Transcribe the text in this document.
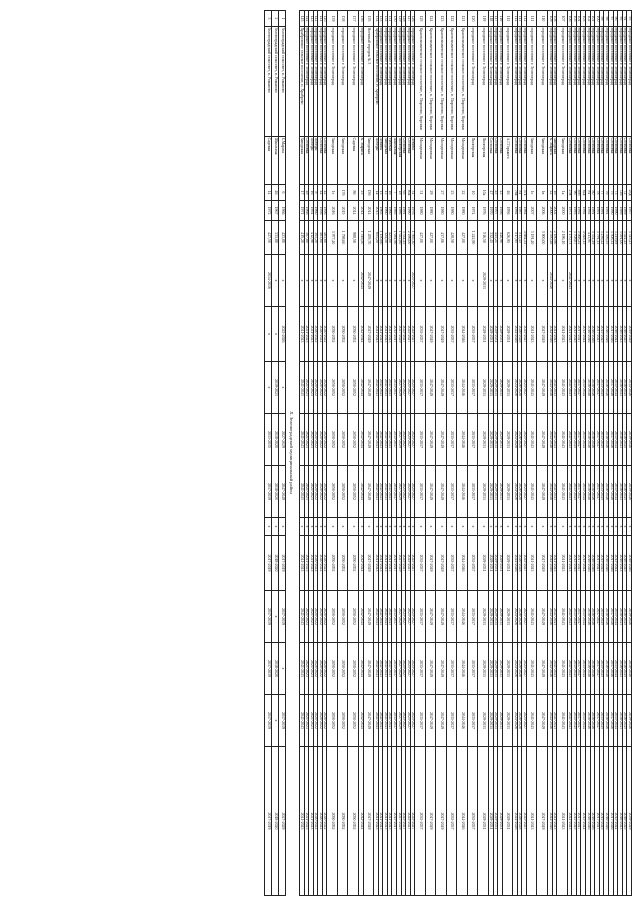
93	городское поселение г. Зеленоград	Сосновка	25д	1957	3 315,23	х	2019-2049	2034-2046	2039-2046	2039-2046	х	2018-2046	2039-2046	2018-2046	2039-2046	2039-2049
94	городское поселение г. Зеленоград	Сосновка	72	1989	3 024,45	х	2016-2045	2016-2045	2016-2045	2016-2045	х	2016-2045	2016-2045	2016-2045	2016-2045	2016-2045
95	городское поселение г. Зеленоград	Сосновка	72б	1989	3 091,00	х	2016-2043	2016-2043	2016-2043	2016-2043	х	2016-2043	2016-2043	2016-2043	2016-2043	2016-2043
96	городское поселение г. Зеленоград	Сосновка	73	1990	3 219,89	х	2016-2044	2015-2044	2015-2044	2015-2044	х	2015-2044	2015-2044	2015-2044	2015-2044	2015-2044
97	городское поселение г. Зеленоград	Сосновка	75	1990	3 308,32	х	2017-2046	2017-2046	2017-2046	2017-2046	х	2017-2046	2017-2046	2017-2046	2017-2046	2017-2046
98	городское поселение г. Зеленоград	Сосновка	76	1991	4 356,55	х	2016-2046	2016-2046	2016-2046	2016-2046	х	2016-2046	2016-2046	2016-2046	2016-2046	2016-2046
99	городское поселение г. Зеленоград	Сосновка	77	1991	3 236,42	х	2015-2045	2015-2045	2015-2045	2015-2045	х	2015-2045	2015-2045	2015-2045	2015-2045	2015-2045
100	городское поселение г. Зеленоград	Сосновка	78	1991	3 791,13	х	2017-2047	2017-2047	2017-2047	2017-2047	х	2017-2047	2017-2047	2017-2047	2017-2047	2017-2047
101	городское поселение г. Зеленоград	Сосновка	80	1991	3 334,49	х	2016-2046	2016-2046	2016-2046	2016-2046	х	2016-2046	2016-2046	2016-2046	2016-2046	2016-2046
102	городское поселение г. Зеленоград	Сосновка	81	1992	413,91	х	2016-2046	2016-2046	2016-2046	2016-2046	х	2016-2046	2016-2046	2016-2046	2016-2046	2016-2046
103	городское поселение г. Зеленоград	Сосновка	82а	1992	4 048,15	х	2015-2044	2015-2044	2015-2044	2015-2044	х	2015-2044	2015-2044	2015-2044	2015-2044	2015-2044
104	городское поселение г. Зеленоград	Сосновка	85б	1992	5 068,24	х	2017-2047	2017-2047	2017-2047	2017-2047	х	2017-2047	2017-2047	2017-2047	2017-2047	2017-2047
105	городское поселение г. Зеленоград	Сосновка	96	1993	3 708,87	х	2015-2045	2015-2045	2015-2045	2015-2045	х	2015-2045	2015-2045	2015-2045	2015-2045	2015-2045
106	городское поселение г. Зеленоград	Сосновка	27в	1973	1 170,73	2041-2043	2041-2043	2041-2043	2041-2043	2041-2043	х	2041-2043	2041-2043	2041-2043	2041-2043	2041-2043
107	городское поселение г. Зеленоград	Заводская	1а	2000	2 196,10	х	2041-2043	2041-2043	2041-2043	2041-2043	х	2041-2043	2041-2043	2041-2043	2041-2043	2041-2043
108	городское поселение г. Зеленоград	Заводская	1б	2002	2 180,90	х	2041-2043	2041-2043	2041-2043	2041-2043	х	2041-2043	2041-2043	2041-2043	2041-2043	2041-2043
109	городское поселение г. Зеленоград	К. Маркса	22	2000	2 550,48	2044-2046	2044-2046	2044-2046	2044-2046	2044-2046	х	2044-2046	2044-2046	2044-2046	2044-2046	2044-2046
110	городское поселение г. Зеленоград	Заводская	1в	2006	3 900,00	х	2047-2049	2047-2049	2047-2049	2047-2049	х	2047-2049	2047-2049	2047-2049	2047-2049	2047-2049
111	городское поселение г. Зеленоград	Заводская	1г	2007	3 191,40	х	2041-2043	2041-2043	2041-2043	2041-2043	х	2041-2043	2041-2043	2041-2043	2041-2043	2041-2043
112	городское поселение г. Зеленоград	Сосновка	57а	1984	4 684,52	х	2025-2027	2025-2027	2025-2027	2025-2027	х	2025-2027	2025-2027	2025-2027	2025-2027	2025-2027
113	городское поселение г. Зеленоград	Сосновка	81	1987	513,45	х	2026-2028	2026-2028	2026-2028	2026-2028	х	2026-2028	2026-2028	2026-2028	2026-2028	2026-2028
114	городское поселение г. Зеленоград	Сосновка	78а	1992	517,95	х	2024-2026	2024-2026	2024-2026	2024-2026	х	2024-2026	2024-2026	2024-2026	2024-2026	2024-2026
115	городское поселение г. Зеленоград	А.Г.Горького	46	1956	626,95	х	2029-2031	2029-2031	2029-2031	2029-2031	х	2029-2031	2029-2031	2029-2031	2029-2031	2029-2031
116	городское поселение г. Зеленоград	Сосновка	43	1956	440,90	х	2029-2031	2029-2031	2029-2031	2029-2031	х	2029-2031	2029-2031	2029-2031	2029-2031	2029-2031
117	городское поселение г. Зеленоград	Сосновка	45	1957	443,21	х	2029-2031	2029-2031	2029-2031	2029-2031	х	2029-2031	2029-2031	2029-2031	2029-2031	2029-2031
118	городское поселение г. Зеленоград	Сосновка	47	1970	332,45	х	2029-2031	2029-2031	2029-2031	2029-2031	х	2029-2031	2029-2031	2029-2031	2029-2031	2029-2031
119	городское поселение г. Зеленоград	Пионерская	10а	1976	516,50	2029-2031	2029-2031	2029-2031	2029-2031	2029-2031	х	2029-2031	2029-2031	2029-2031	2029-2031	2029-2031
120	городское поселение г. Зеленоград	Пионерская	10	1974	1 242,90	х	2035-2037	2035-2037	2035-2037	2035-2037	х	2035-2037	2035-2037	2035-2037	2035-2037	2035-2037
121	Краснознаменское сельское поселение, п. Пирогово, Корсики	Молодежная	22	1980	427,00	х	2044-2046	2044-2046	2044-2046	2044-2046	х	2044-2046	2044-2046	2044-2046	2044-2046	2044-2046
122	Краснознаменское сельское поселение, п. Пирогово, Корсики	Молодежная	23	1980	428,58	х	2035-2037	2035-2037	2035-2037	2035-2037	х	2035-2037	2035-2037	2035-2037	2035-2037	2035-2037
123	Краснознаменское сельское поселение, п. Пирогово, Корсики	Молодежная	27	1980	437,06	х	2047-2049	2047-2049	2047-2049	2047-2049	х	2047-2049	2047-2049	2047-2049	2047-2049	2047-2049
124	Краснознаменское сельское поселение, п. Пирогово, Корсики	Молодежная	29	1980	427,00	х	2047-2049	2047-2049	2047-2049	2047-2049	х	2047-2049	2047-2049	2047-2049	2047-2049	2047-2049
125	Краснознаменское сельское поселение, п. Пирогово, Корсики	Молодежная	31	1980	427,00	х	2035-2037	2035-2037	2035-2037	2035-2037	х	2035-2037	2035-2037	2035-2037	2035-2037	2035-2037
126	городское поселение г. Зеленоград	Ленина	31	1976	1 365,30	2025-2027	2025-2027	2025-2027	2025-2027	2025-2027	х	2025-2027	2025-2027	2025-2027	2025-2027	2025-2027
127	городское поселение г. Зеленоград	Сосновка	80а	1990	2 296,00	х	2025-2027	2025-2027	2025-2027	2025-2027	х	2025-2027	2025-2027	2025-2027	2025-2027	2025-2027
128	городское поселение г. Зеленоград	Сосновка	65	1991	3 334,45	х	2025-2027	2025-2027	2025-2027	2025-2027	х	2025-2027	2025-2027	2025-2027	2025-2027	2025-2027
129	городское поселение г. Зеленоград	Пионерская	18	1986	1 022,80	х	2027-2029	2027-2029	2027-2029	2027-2029	х	2027-2029	2027-2029	2027-2029	2027-2029	2027-2029
130	городское поселение г. Зеленоград	Школьная	7	1985	1 092,90	х	2015-2017	2015-2017	2015-2017	2015-2017	х	2015-2017	2015-2017	2015-2017	2015-2017	2015-2017
131	городское поселение г. Зеленоград	Рабочая	16	1960	421,80	х	2041-2043	2041-2043	2041-2043	2041-2043	х	2041-2043	2041-2043	2041-2043	2041-2043	2041-2043
132	городское поселение г. Зеленоград	Заводская	13	1960	324,10	х	2041-2043	2041-2043	2041-2043	2041-2043	х	2041-2043	2041-2043	2041-2043	2041-2043	2041-2043
133	городское поселение г. Зеленоград	Ленина	13	1963	1 150,60	х	2041-2043	2041-2043	2041-2043	2041-2043	х	2041-2043	2041-2043	2041-2043	2041-2043	2041-2043
134	Храбровское сельское поселение, п. Храброво	Победы	1а	2013	653,20	х	2041-2043	2041-2043	2041-2043	2041-2043	х	2041-2043	2041-2043	2041-2043	2041-2043	2041-2043
135	Военный городок № 3	Заводская	15б	2014	1 455,70	2047-2049	2047-2049	2047-2049	2047-2049	2047-2049	х	2047-2049	2047-2049	2047-2049	2047-2049	2047-2049
136	городское поселение г. Зеленоград	К. Маркса	23	2014	1 518,50	2042-2044	2042-2044	2042-2044	2042-2044	2042-2044	х	2042-2044	2042-2044	2042-2044	2042-2044	2042-2044
137	городское поселение г. Зеленоград	Садовая	8б	2014	988,58	х	2050-2052	2050-2052	2050-2052	2050-2052	х	2050-2052	2050-2052	2050-2052	2050-2052	2050-2052
138	городское поселение г. Зеленоград	Заводская	17б	2015	1 798,60	х	2050-2052	2050-2052	2050-2052	2050-2052	х	2050-2052	2050-2052	2050-2052	2050-2052	2050-2052
139	городское поселение г. Зеленоград	Заводская	1е	2016	3 977,40	х	2050-2052	2050-2052	2050-2052	2050-2052	х	2050-2052	2050-2052	2050-2052	2050-2052	2050-2052
140	городское поселение г. Зеленоград	Сосновка	42	1956	463,60	х	2020-2022	2020-2022	2020-2022	2020-2022	х	2020-2022	2020-2022	2020-2022	2020-2022	2020-2022
141	городское поселение г. Зеленоград	Сосновка	44	1956	463,60	х	2020-2022	2020-2022	2020-2022	2020-2022	х	2020-2022	2020-2022	2020-2022	2020-2022	2020-2022
142	городское поселение г. Зеленоград	Победы	8	1960	301,20	х	2020-2022	2020-2022	2020-2022	2020-2022	х	2020-2022	2020-2022	2020-2022	2020-2022	2020-2022
143	городское поселение г. Зеленоград	Победы	16	1954	412,98	х	2021-2023	2021-2023	2021-2023	2021-2023	х	2021-2023	2021-2023	2021-2023	2021-2023	2021-2023
144	городское поселение г. Зеленоград	Сосновка	48	1968	307,80	х	2021-2023	2021-2023	2021-2023	2021-2023	х	2021-2023	2021-2023	2021-2023	2021-2023	2021-2023
145	Храбровское сельское поселение, п. Храброво	Заводская	17	1971	415,20	х	2041-2043	2041-2043	2041-2043	2041-2043	х	2041-2043	2041-2043	2041-2043	2041-2043	2041-2043
X. Зеленоградский муниципальный район
1	Зеленоградский сельсовет, п. Романово	Б.Марата	6	1966	423,80	х	2025-2026	х	2027-2029	2047-2049	х	2017-2019	2017-2019	х	2017-2019	2027-2029
2	Зеленоградский сельсовет, п. Романово	Школьная	46	1967	331,80	х	х	2019-2021	2018-2020	2018-2020	х	2018-2020	х	2018-2020	х	2018-2020
3	Зеленоградский сельсовет, п. Романово	Садовая	14	1972	427,50	2014-2016	х	х	2013-2015	2017-2019	х	2017-2019	2017-2019	2017-2019	2017-2019	2017-2019
